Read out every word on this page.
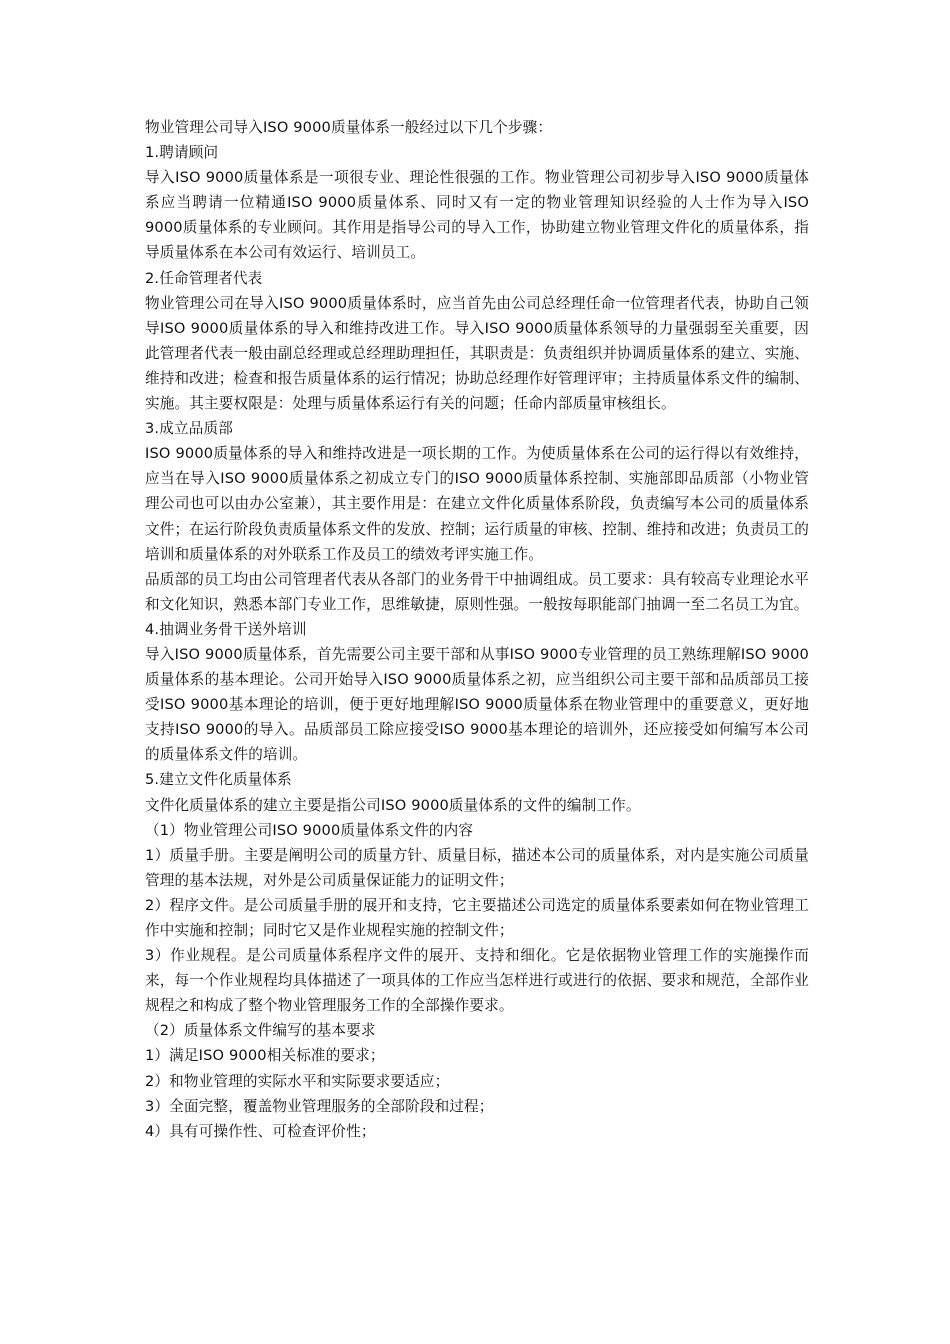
物业管理公司导入ISO 9000质量体系一般经过以下几个步骤：

1.聘请顾问

导入ISO 9000质量体系是一项很专业、理论性很强的工作。物业管理公司初步导入ISO 9000质量体系应当聘请一位精通ISO 9000质量体系、同时又有一定的物业管理知识经验的人士作为导入ISO 9000质量体系的专业顾问。其作用是指导公司的导入工作，协助建立物业管理文件化的质量体系，指导质量体系在本公司有效运行、培训员工。

2.任命管理者代表

物业管理公司在导入ISO 9000质量体系时，应当首先由公司总经理任命一位管理者代表，协助自己领导ISO 9000质量体系的导入和维持改进工作。导入ISO 9000质量体系领导的力量强弱至关重要，因此管理者代表一般由副总经理或总经理助理担任，其职责是：负责组织并协调质量体系的建立、实施、维持和改进；检查和报告质量体系的运行情况；协助总经理作好管理评审；主持质量体系文件的编制、实施。其主要权限是：处理与质量体系运行有关的问题；任命内部质量审核组长。

3.成立品质部

ISO 9000质量体系的导入和维持改进是一项长期的工作。为使质量体系在公司的运行得以有效维持，应当在导入ISO 9000质量体系之初成立专门的ISO 9000质量体系控制、实施部即品质部（小物业管理公司也可以由办公室兼），其主要作用是：在建立文件化质量体系阶段，负责编写本公司的质量体系文件；在运行阶段负责质量体系文件的发放、控制；运行质量的审核、控制、维持和改进；负责员工的培训和质量体系的对外联系工作及员工的绩效考评实施工作。

品质部的员工均由公司管理者代表从各部门的业务骨干中抽调组成。员工要求：具有较高专业理论水平和文化知识，熟悉本部门专业工作，思维敏捷，原则性强。一般按每职能部门抽调一至二名员工为宜。

4.抽调业务骨干送外培训

导入ISO 9000质量体系，首先需要公司主要干部和从事ISO 9000专业管理的员工熟练理解ISO 9000质量体系的基本理论。公司开始导入ISO 9000质量体系之初，应当组织公司主要干部和品质部员工接受ISO 9000基本理论的培训，便于更好地理解ISO 9000质量体系在物业管理中的重要意义，更好地支持ISO 9000的导入。品质部员工除应接受ISO 9000基本理论的培训外，还应接受如何编写本公司的质量体系文件的培训。

5.建立文件化质量体系

文件化质量体系的建立主要是指公司ISO 9000质量体系的文件的编制工作。

（1）物业管理公司ISO 9000质量体系文件的内容

1）质量手册。主要是阐明公司的质量方针、质量目标，描述本公司的质量体系，对内是实施公司质量管理的基本法规，对外是公司质量保证能力的证明文件；

2）程序文件。是公司质量手册的展开和支持，它主要描述公司选定的质量体系要素如何在物业管理工作中实施和控制；同时它又是作业规程实施的控制文件；

3）作业规程。是公司质量体系程序文件的展开、支持和细化。它是依据物业管理工作的实施操作而来，每一个作业规程均具体描述了一项具体的工作应当怎样进行或进行的依据、要求和规范，全部作业规程之和构成了整个物业管理服务工作的全部操作要求。

（2）质量体系文件编写的基本要求

1）满足ISO 9000相关标准的要求；

2）和物业管理的实际水平和实际要求要适应；

3）全面完整，覆盖物业管理服务的全部阶段和过程；

4）具有可操作性、可检查评价性；
